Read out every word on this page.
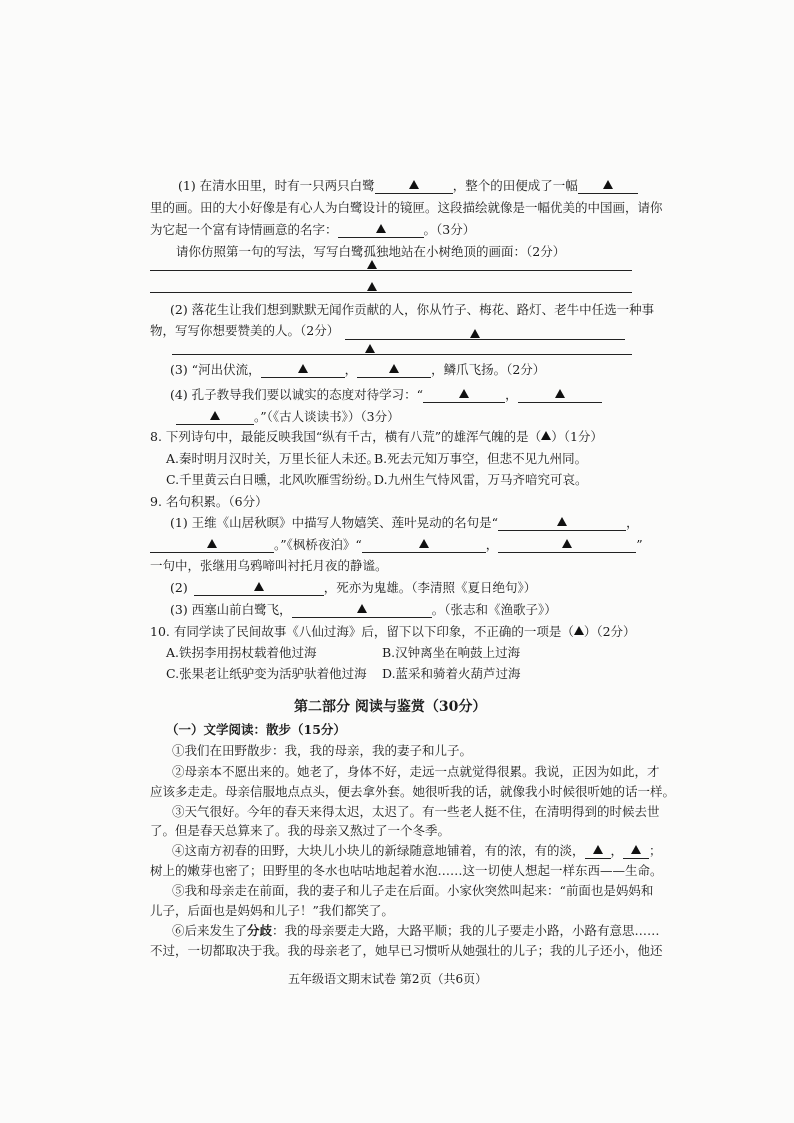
(1) 在清水田里，时有一只两只白鹭	，整个的田便成了一幅
里的画。田的大小好像是有心人为白鹭设计的镜匣。这段描绘就像是一幅优美的中国画，请你
为它起一个富有诗情画意的名字：	。（3分）
请你仿照第一句的写法，写写白鹭孤独地站在小树绝顶的画面：（2分）
(2) 落花生让我们想到默默无闻作贡献的人，你从竹子、梅花、路灯、老牛中任选一种事
物，写写你想要赞美的人。（2分）
(3) “河出伏流，	，	，鳞爪飞扬。（2分）
(4) 孔子教导我们要以诚实的态度对待学习：“	，
。”（《古人谈读书》）（3分）
8. 下列诗句中，最能反映我国“纵有千古，横有八荒”的雄浑气魄的是（ ）（1分）
A.秦时明月汉时关，万里长征人未还。
B.死去元知万事空，但悲不见九州同。
C.千里黄云白日曛，北风吹雁雪纷纷。
D.九州生气恃风雷，万马齐喑究可哀。
9. 名句积累。（6分）
(1) 王维《山居秋暝》中描写人物嬉笑、莲叶晃动的名句是“	，
。”《枫桥夜泊》“	，	”
一句中，张继用乌鸦啼叫衬托月夜的静谧。
(2)	，死亦为鬼雄。（李清照《夏日绝句》）
(3) 西塞山前白鹭飞，	。（张志和《渔歌子》）
10. 有同学读了民间故事《八仙过海》后，留下以下印象，不正确的一项是（ ）（2分）
A.铁拐李用拐杖载着他过海	B.汉钟离坐在响鼓上过海
C.张果老让纸驴变为活驴驮着他过海 D.蓝采和骑着火葫芦过海
第二部分 阅读与鉴赏（30分）
（一）文学阅读：散步（15分）
①我们在田野散步：我，我的母亲，我的妻子和儿子。
②母亲本不愿出来的。她老了，身体不好，走远一点就觉得很累。我说，正因为如此，才
应该多走走。母亲信服地点点头，便去拿外套。她很听我的话，就像我小时候很听她的话一样。
③天气很好。今年的春天来得太迟，太迟了。有一些老人挺不住，在清明得到的时候去世
了。但是春天总算来了。我的母亲又熬过了一个冬季。
④这南方初春的田野，大块儿小块儿的新绿随意地铺着，有的浓，有的淡， ， ；
树上的嫩芽也密了；田野里的冬水也咕咕地起着水泡……这一切使人想起一样东西——生命。
⑤我和母亲走在前面，我的妻子和儿子走在后面。小家伙突然叫起来：“前面也是妈妈和
儿子，后面也是妈妈和儿子！”我们都笑了。
⑥后来发生了分歧：我的母亲要走大路，大路平顺；我的儿子要走小路，小路有意思……
不过，一切都取决于我。我的母亲老了，她早已习惯听从她强壮的儿子；我的儿子还小，他还
五年级语文期末试卷 第2页（共6页）
